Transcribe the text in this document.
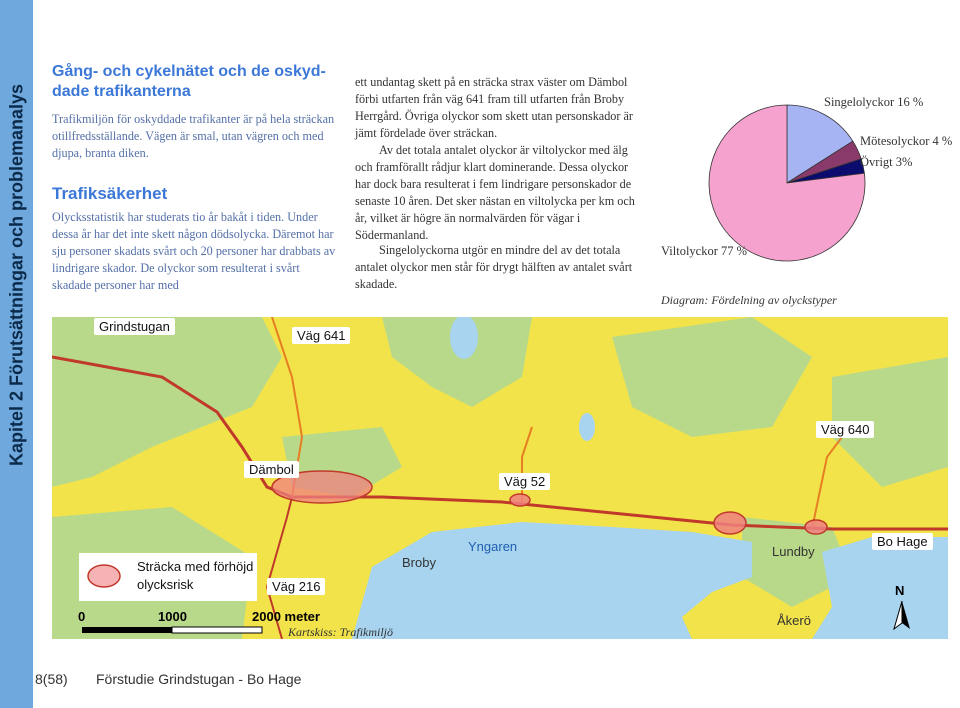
Kapitel 2 Förutsättningar och problemanalys
Gång- och cykelnätet och de oskyd-
dade trafikanterna

Trafikmiljön för oskyddade trafikanter är på hela sträckan otillfredsställande. Vägen är smal, utan vägren och med djupa, branta diken.

Trafiksäkerhet

Olycksstatistik har studerats tio år bakåt i tiden. Under dessa år har det inte skett någon dödsolycka. Däremot har sju personer skadats svårt och 20 personer har drabbats av lindrigare skador. De olyckor som resulterat i svårt skadade personer har med

ett undantag skett på en sträcka strax väster om Dämbol förbi utfarten från väg 641 fram till utfarten från Broby Herrgård. Övriga olyckor som skett utan personskador är jämt fördelade över sträckan.

Av det totala antalet olyckor är viltolyckor med älg och framförallt rådjur klart dominerande. Dessa olyckor har dock bara resulterat i fem lindrigare personskador de senaste 10 åren. Det sker nästan en viltolycka per km och år, vilket är högre än normalvärden för vägar i Södermanland.

Singelolyckorna utgör en mindre del av det totala antalet olyckor men står för drygt hälften av antalet svårt skadade.

Singelolyckor 16 %
Mötesolyckor 4 %
Övrigt 3%
Viltolyckor 77 %
Diagram: Fördelning av olyckstyper
Grindstugan
Väg 641
Dämbol
Väg 52
Väg 640
Väg 216
Broby
Yngaren	Lundby
Bo Hage
Åkerö
0	1000	2000 meter
N
Kartskiss: Trafikmiljö
Sträcka med förhöjd
olycksrisk
8(58) Förstudie Grindstugan - Bo Hage
